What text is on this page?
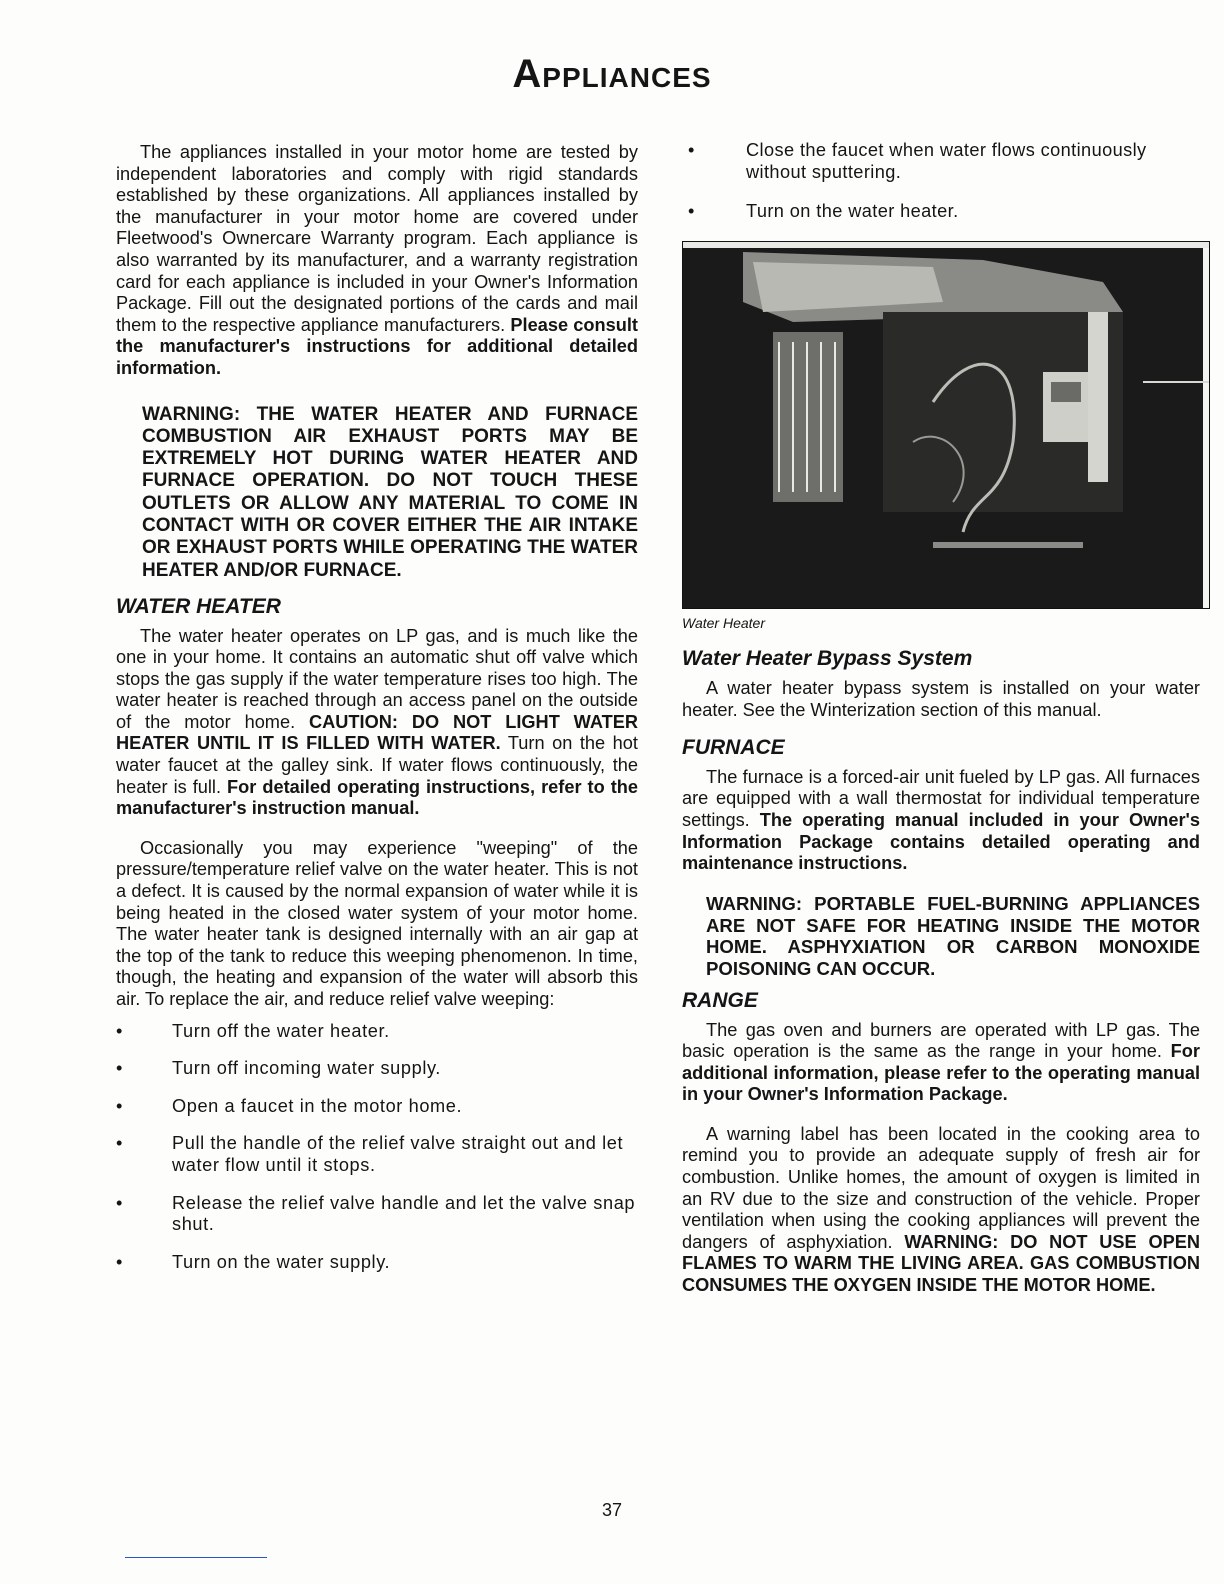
Appliances

The appliances installed in your motor home are tested by independent laboratories and comply with rigid standards established by these organizations. All appliances installed by the manufacturer in your motor home are covered under Fleetwood's Ownercare Warranty program. Each appliance is also warranted by its manufacturer, and a warranty registration card for each appliance is included in your Owner's Information Package. Fill out the designated portions of the cards and mail them to the respective appliance manufacturers. Please consult the manufacturer's instructions for additional detailed information.

WARNING: THE WATER HEATER AND FURNACE COMBUSTION AIR EXHAUST PORTS MAY BE EXTREMELY HOT DURING WATER HEATER AND FURNACE OPERATION. DO NOT TOUCH THESE OUTLETS OR ALLOW ANY MATERIAL TO COME IN CONTACT WITH OR COVER EITHER THE AIR INTAKE OR EXHAUST PORTS WHILE OPERATING THE WATER HEATER AND/OR FURNACE.
WATER HEATER

The water heater operates on LP gas, and is much like the one in your home. It contains an automatic shut off valve which stops the gas supply if the water temperature rises too high. The water heater is reached through an access panel on the outside of the motor home. CAUTION: DO NOT LIGHT WATER HEATER UNTIL IT IS FILLED WITH WATER. Turn on the hot water faucet at the galley sink. If water flows continuously, the heater is full. For detailed operating instructions, refer to the manufacturer's instruction manual.

Occasionally you may experience "weeping" of the pressure/temperature relief valve on the water heater. This is not a defect. It is caused by the normal expansion of water while it is being heated in the closed water system of your motor home. The water heater tank is designed internally with an air gap at the top of the tank to reduce this weeping phenomenon. In time, though, the heating and expansion of the water will absorb this air. To replace the air, and reduce relief valve weeping:

•	Turn off the water heater.
•	Turn off incoming water supply.
•	Open a faucet in the motor home.
•	Pull the handle of the relief valve straight out and let water flow until it stops.
•	Release the relief valve handle and let the valve snap shut.
•	Turn on the water supply.
•	Close the faucet when water flows continuously without sputtering.
•	Turn on the water heater.
Water Heater
Water Heater Bypass System

A water heater bypass system is installed on your water heater. See the Winterization section of this manual.

FURNACE

The furnace is a forced-air unit fueled by LP gas. All furnaces are equipped with a wall thermostat for individual temperature settings. The operating manual included in your Owner's Information Package contains detailed operating and maintenance instructions.

WARNING: PORTABLE FUEL-BURNING APPLIANCES ARE NOT SAFE FOR HEATING INSIDE THE MOTOR HOME. ASPHYXIATION OR CARBON MONOXIDE POISONING CAN OCCUR.
RANGE

The gas oven and burners are operated with LP gas. The basic operation is the same as the range in your home. For additional information, please refer to the operating manual in your Owner's Information Package.

A warning label has been located in the cooking area to remind you to provide an adequate supply of fresh air for combustion. Unlike homes, the amount of oxygen is limited in an RV due to the size and construction of the vehicle. Proper ventilation when using the cooking appliances will prevent the dangers of asphyxiation. WARNING: DO NOT USE OPEN FLAMES TO WARM THE LIVING AREA. GAS COMBUSTION CONSUMES THE OXYGEN INSIDE THE MOTOR HOME.

37
